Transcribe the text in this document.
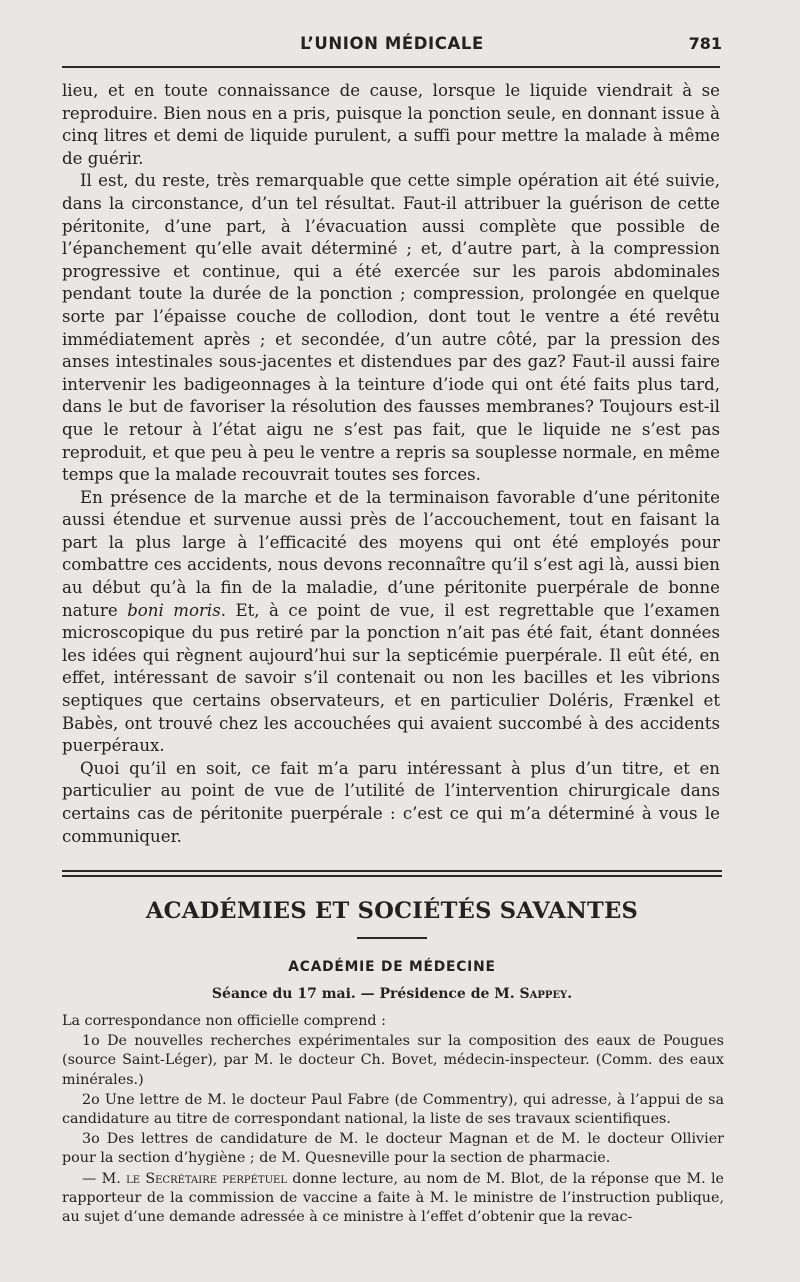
L’UNION MÉDICALE	781

lieu, et en toute connaissance de cause, lorsque le liquide viendrait à se reproduire. Bien nous en a pris, puisque la ponction seule, en donnant issue à cinq litres et demi de liquide purulent, a suffi pour mettre la malade à même de guérir.

Il est, du reste, très remarquable que cette simple opération ait été suivie, dans la circonstance, d’un tel résultat. Faut-il attribuer la guérison de cette péritonite, d’une part, à l’évacuation aussi complète que possible de l’épanchement qu’elle avait déterminé ; et, d’autre part, à la compression progressive et continue, qui a été exercée sur les parois abdominales pendant toute la durée de la ponction ; compression, prolongée en quelque sorte par l’épaisse couche de collodion, dont tout le ventre a été revêtu immédiatement après ; et secondée, d’un autre côté, par la pression des anses intestinales sous-jacentes et distendues par des gaz? Faut-il aussi faire intervenir les badigeonnages à la teinture d’iode qui ont été faits plus tard, dans le but de favoriser la résolution des fausses membranes? Toujours est-il que le retour à l’état aigu ne s’est pas fait, que le liquide ne s’est pas reproduit, et que peu à peu le ventre a repris sa souplesse normale, en même temps que la malade recouvrait toutes ses forces.

En présence de la marche et de la terminaison favorable d’une péritonite aussi étendue et survenue aussi près de l’accouchement, tout en faisant la part la plus large à l’efficacité des moyens qui ont été employés pour combattre ces accidents, nous devons reconnaître qu’il s’est agi là, aussi bien au début qu’à la fin de la maladie, d’une péritonite puerpérale de bonne nature boni moris. Et, à ce point de vue, il est regrettable que l’examen microscopique du pus retiré par la ponction n’ait pas été fait, étant données les idées qui règnent aujourd’hui sur la septicémie puerpérale. Il eût été, en effet, intéressant de savoir s’il contenait ou non les bacilles et les vibrions septiques que certains observateurs, et en particulier Doléris, Frænkel et Babès, ont trouvé chez les accouchées qui avaient succombé à des accidents puerpéraux.

Quoi qu’il en soit, ce fait m’a paru intéressant à plus d’un titre, et en particulier au point de vue de l’utilité de l’intervention chirurgicale dans certains cas de péritonite puerpérale : c’est ce qui m’a déterminé à vous le communiquer.

ACADÉMIES ET SOCIÉTÉS SAVANTES
ACADÉMIE DE MÉDECINE
Séance du 17 mai. — Présidence de M. Sappey.

La correspondance non officielle comprend :

1o De nouvelles recherches expérimentales sur la composition des eaux de Pougues (source Saint-Léger), par M. le docteur Ch. Bovet, médecin-inspecteur. (Comm. des eaux minérales.)

2o Une lettre de M. le docteur Paul Fabre (de Commentry), qui adresse, à l’appui de sa candidature au titre de correspondant national, la liste de ses travaux scientifiques.

3o Des lettres de candidature de M. le docteur Magnan et de M. le docteur Ollivier pour la section d’hygiène ; de M. Quesneville pour la section de pharmacie.

— M. le Secrétaire perpétuel donne lecture, au nom de M. Blot, de la réponse que M. le rapporteur de la commission de vaccine a faite à M. le ministre de l’instruction publique, au sujet d’une demande adressée à ce ministre à l’effet d’obtenir que la revac-
